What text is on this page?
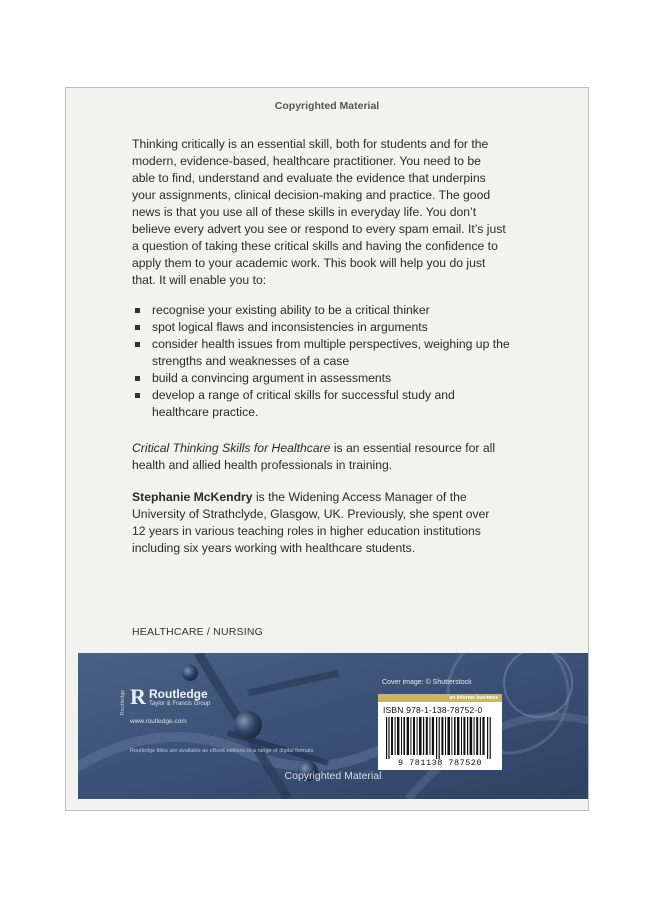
Copyrighted Material

Thinking critically is an essential skill, both for students and for the modern, evidence-based, healthcare practitioner. You need to be able to find, understand and evaluate the evidence that underpins your assignments, clinical decision-making and practice. The good news is that you use all of these skills in everyday life. You don’t believe every advert you see or respond to every spam email. It’s just a question of taking these critical skills and having the confidence to apply them to your academic work. This book will help you do just that. It will enable you to:

recognise your existing ability to be a critical thinker
spot logical flaws and inconsistencies in arguments
consider health issues from multiple perspectives, weighing up the strengths and weaknesses of a case
build a convincing argument in assessments
develop a range of critical skills for successful study and healthcare practice.

Critical Thinking Skills for Healthcare is an essential resource for all health and allied health professionals in training.

Stephanie McKendry is the Widening Access Manager of the University of Strathclyde, Glasgow, UK. Previously, she spent over 12 years in various teaching roles in higher education institutions including six years working with healthcare students.

HEALTHCARE / NURSING
Routledge R Routledge
Taylor & Francis Group
www.routledge.com
Routledge titles are available as eBook editions in a range of digital formats
Cover image: © Shutterstock
an informa business
ISBN 978-1-138-78752-0
9 781138 787520
Copyrighted Material
